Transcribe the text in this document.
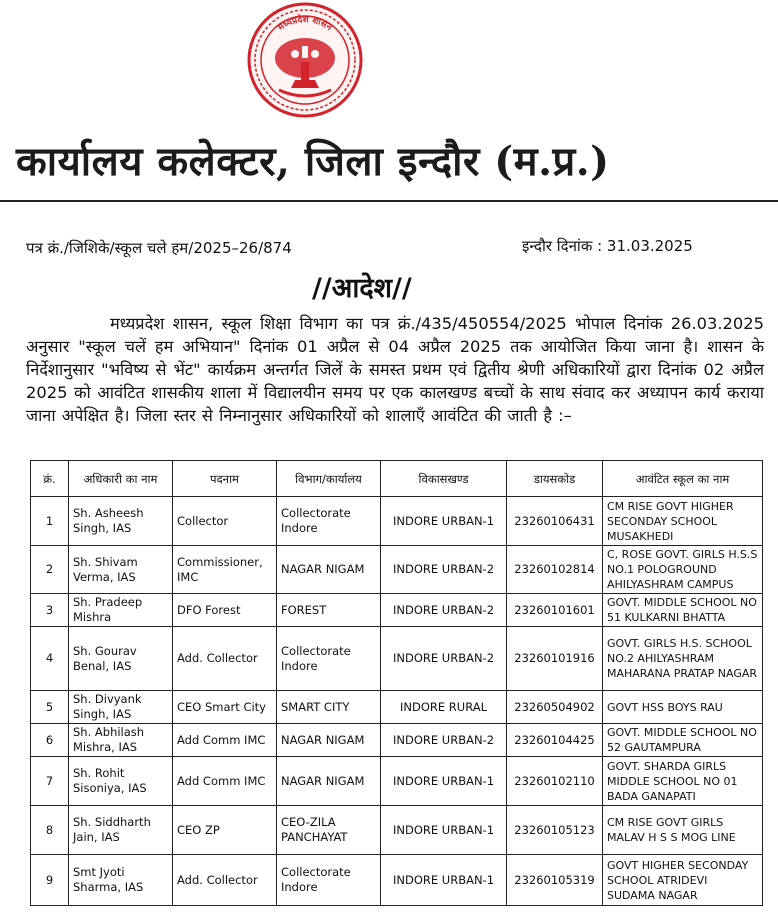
मध्यप्रदेश शासन
कार्यालय कलेक्टर, जिला इन्दौर (म.प्र.)
पत्र क्रं./जिशिके/स्कूल चले हम/2025–26/874	इन्दौर दिनांक : 31.03.2025
//आदेश//
मध्यप्रदेश शासन, स्कूल शिक्षा विभाग का पत्र क्रं./435/450554/2025 भोपाल दिनांक 26.03.2025 अनुसार "स्कूल चलें हम अभियान" दिनांक 01 अप्रैल से 04 अप्रैल 2025 तक आयोजित किया जाना है। शासन के निर्देशानुसार "भविष्य से भेंट" कार्यक्रम अन्तर्गत जिलें के समस्त प्रथम एवं द्वितीय श्रेणी अधिकारियों द्वारा दिनांक 02 अप्रैल 2025 को आवंटित शासकीय शाला में विद्यालयीन समय पर एक कालखण्ड बच्चों के साथ संवाद कर अध्यापन कार्य कराया जाना अपेक्षित है। जिला स्तर से निम्नानुसार अधिकारियों को शालाएँ आवंटित की जाती है :–
क्रं.	अधिकारी का नाम	पदनाम	विभाग/कार्यालय	विकासखण्ड	डायसकोड	आवंटित स्कूल का नाम
1	Sh. Asheesh Singh, IAS	Collector	Collectorate Indore	INDORE URBAN-1	23260106431	CM RISE GOVT HIGHER SECONDAY SCHOOL MUSAKHEDI
2	Sh. Shivam Verma, IAS	Commissioner, IMC	NAGAR NIGAM	INDORE URBAN-2	23260102814	C, ROSE GOVT. GIRLS H.S.S NO.1 POLOGROUND AHILYASHRAM CAMPUS
3	Sh. Pradeep Mishra	DFO Forest	FOREST	INDORE URBAN-2	23260101601	GOVT. MIDDLE SCHOOL NO 51 KULKARNI BHATTA
4	Sh. Gourav Benal, IAS	Add. Collector	Collectorate Indore	INDORE URBAN-2	23260101916	GOVT. GIRLS H.S. SCHOOL NO.2 AHILYASHRAM MAHARANA PRATAP NAGAR
5	Sh. Divyank Singh, IAS	CEO Smart City	SMART CITY	INDORE RURAL	23260504902	GOVT HSS BOYS RAU
6	Sh. Abhilash Mishra, IAS	Add Comm IMC	NAGAR NIGAM	INDORE URBAN-2	23260104425	GOVT. MIDDLE SCHOOL NO 52 GAUTAMPURA
7	Sh. Rohit Sisoniya, IAS	Add Comm IMC	NAGAR NIGAM	INDORE URBAN-1	23260102110	GOVT. SHARDA GIRLS MIDDLE SCHOOL NO 01 BADA GANAPATI
8	Sh. Siddharth Jain, IAS	CEO ZP	CEO-ZILA PANCHAYAT	INDORE URBAN-1	23260105123	CM RISE GOVT GIRLS MALAV H S S MOG LINE
9	Smt Jyoti Sharma, IAS	Add. Collector	Collectorate Indore	INDORE URBAN-1	23260105319	GOVT HIGHER SECONDAY SCHOOL ATRIDEVI SUDAMA NAGAR
